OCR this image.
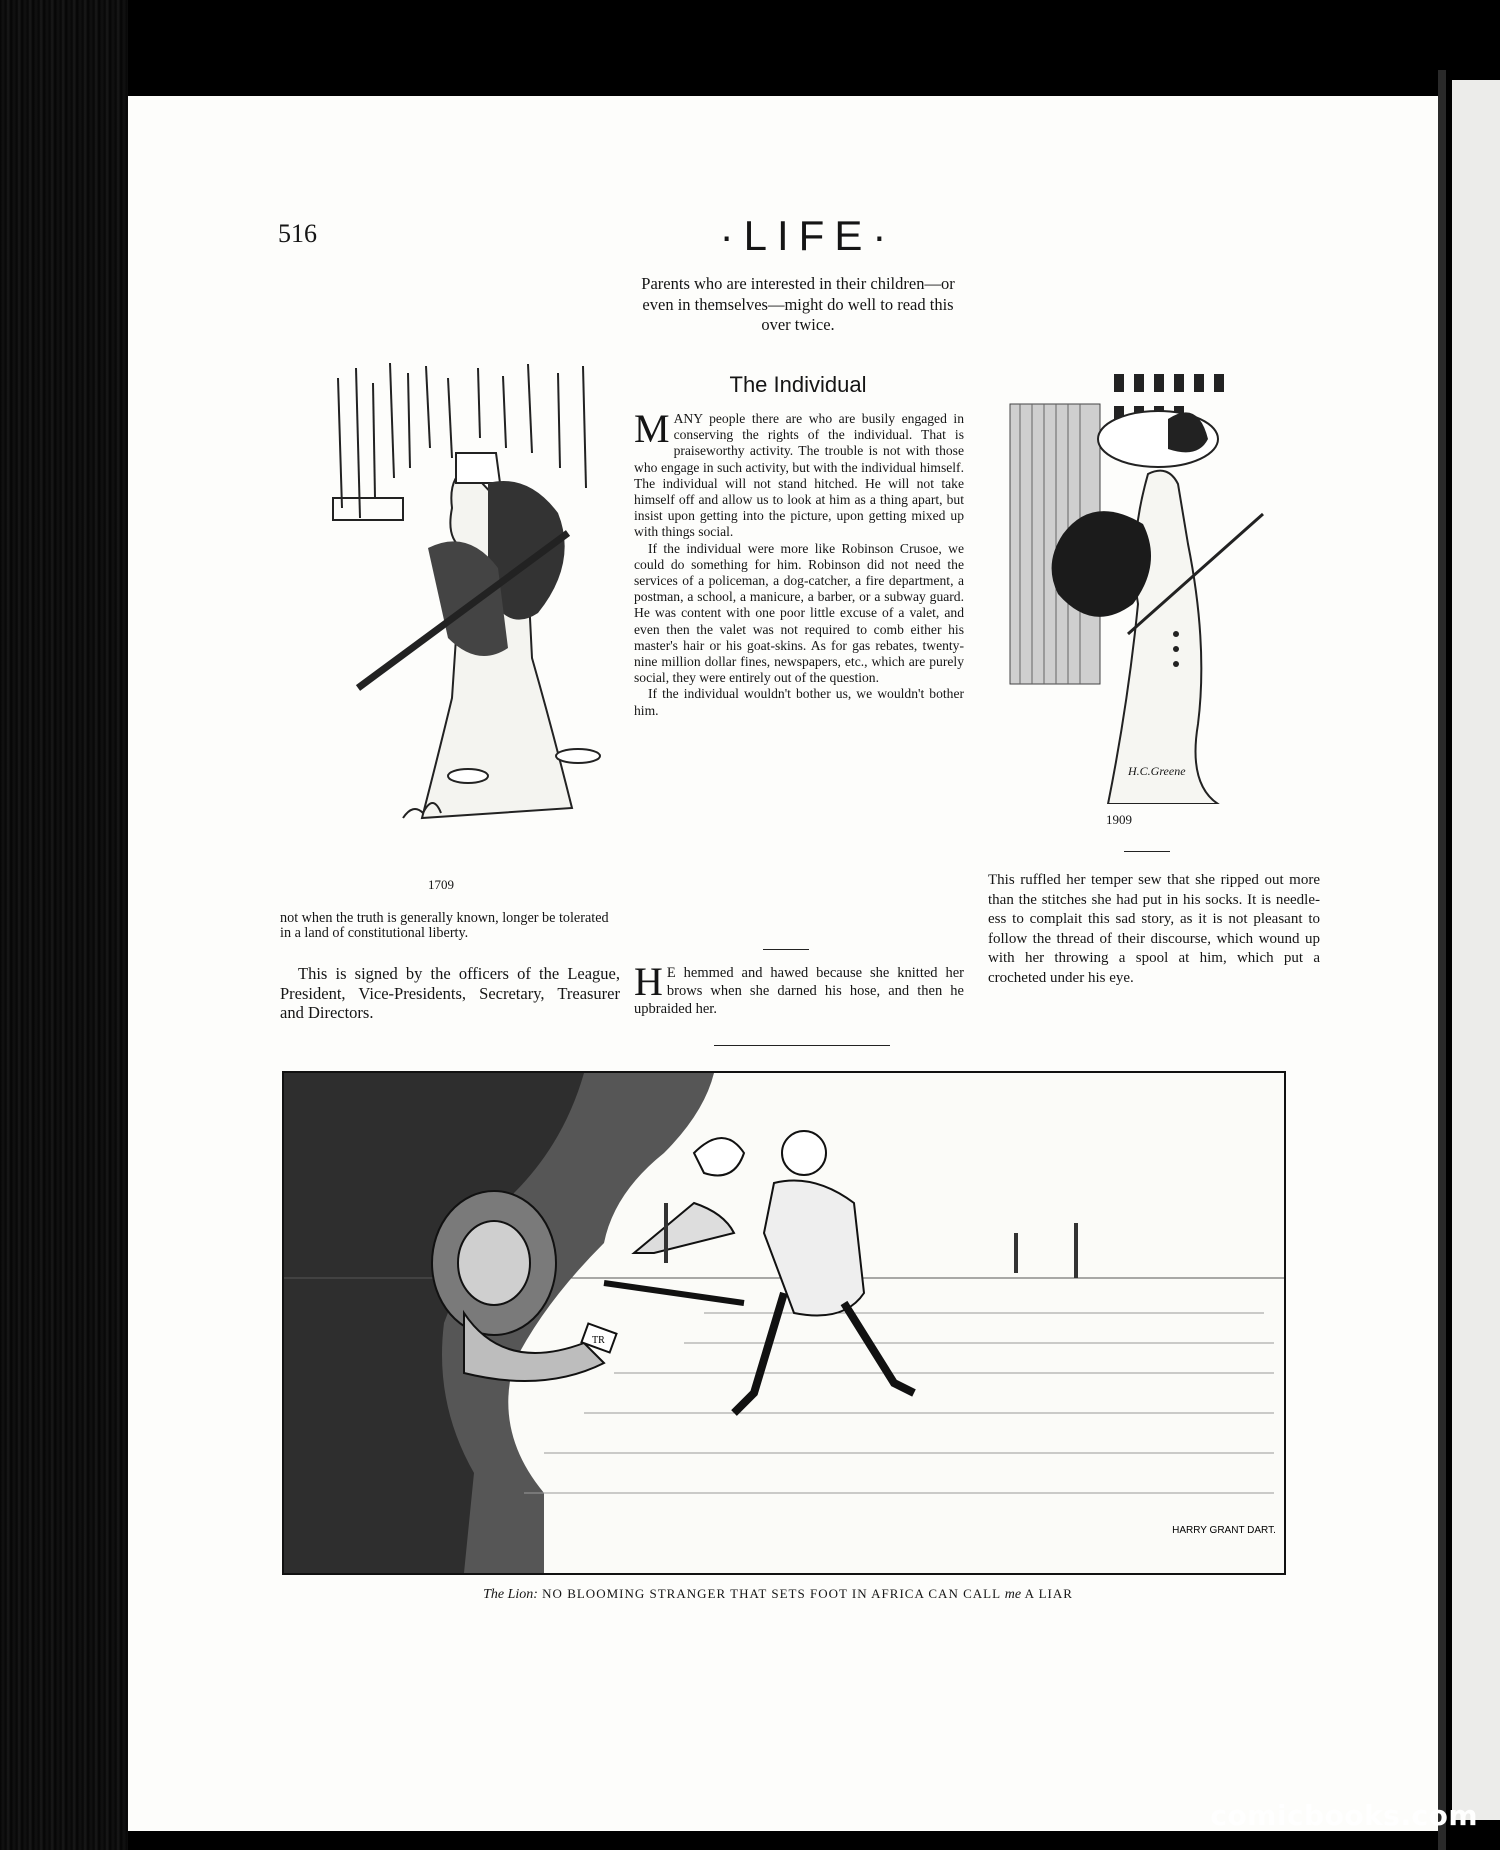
516	·LIFE·
Parents who are interested in their children—or even in themselves—might do well to read this over twice.
The Individual

MANY people there are who are busily engaged in conserving the rights of the individual. That is praiseworthy activity. The trouble is not with those who engage in such activity, but with the individual himself. The individual will not stand hitched. He will not take himself off and allow us to look at him as a thing apart, but insist upon getting into the picture, upon getting mixed up with things social.

If the individual were more like Robinson Crusoe, we could do something for him. Robinson did not need the services of a policeman, a dog-catcher, a fire department, a postman, a school, a manicure, a barber, or a subway guard. He was content with one poor little excuse of a valet, and even then the valet was not required to comb either his master's hair or his goat-skins. As for gas rebates, twenty-nine million dollar fines, newspapers, etc., which are purely social, they were entirely out of the question.

If the individual wouldn't bother us, we wouldn't bother him.

H E hemmed and hawed because she knitted her brows when she darned his hose, and then he upbraided her.
not when the truth is generally known, longer be tolerated in a land of constitutional liberty.
This is signed by the officers of the League, President, Vice-Presidents, Secretary, Treasurer and Directors.
1709
1909
This ruffled her temper sew that she ripped out more than the stitches she had put in his socks. It is needle-ess to complait this sad story, as it is not pleasant to follow the thread of their discourse, which wound up with her throwing a spool at him, which put a crocheted under his eye.
H.C.Greene
TR
HARRY GRANT DART.
The Lion: NO BLOOMING STRANGER THAT SETS FOOT IN AFRICA CAN CALL me A LIAR
comicbooks.com
